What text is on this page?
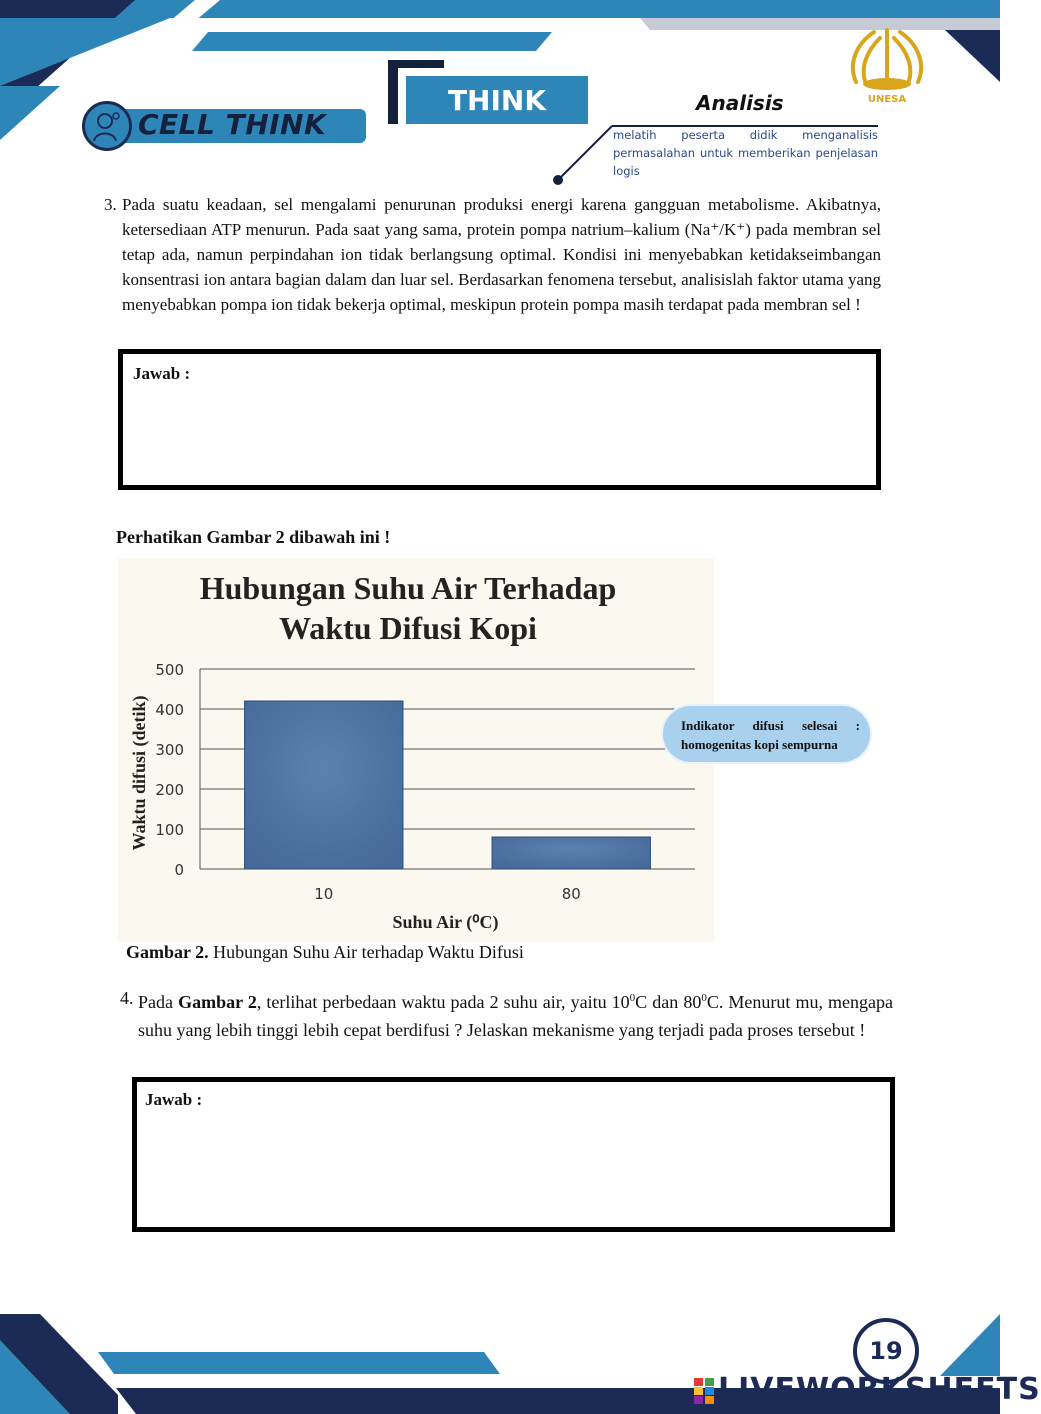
CELL THINK
THINK	Analisis
melatih peserta didik menganalisis permasalahan untuk memberikan penjelasan logis
UNESA
3. Pada suatu keadaan, sel mengalami penurunan produksi energi karena gangguan metabolisme. Akibatnya, ketersediaan ATP menurun. Pada saat yang sama, protein pompa natrium–kalium (Na⁺/K⁺) pada membran sel tetap ada, namun perpindahan ion tidak berlangsung optimal. Kondisi ini menyebabkan ketidakseimbangan konsentrasi ion antara bagian dalam dan luar sel. Berdasarkan fenomena tersebut, analisislah faktor utama yang menyebabkan pompa ion tidak bekerja optimal, meskipun protein pompa masih terdapat pada membran sel !
Jawab :
Perhatikan Gambar 2 dibawah ini !
Hubungan Suhu Air Terhadap
Waktu Difusi Kopi
0
100
200
300
400
500
10	80
Suhu Air (⁰C)
Waktu difusi (detik)	Indikator difusi selesai : homogenitas kopi sempurna
Gambar 2. Hubungan Suhu Air terhadap Waktu Difusi
4. Pada Gambar 2, terlihat perbedaan waktu pada 2 suhu air, yaitu $10^0C$ dan $80^0C$. Menurut mu, mengapa suhu yang lebih tinggi lebih cepat berdifusi ? Jelaskan mekanisme yang terjadi pada proses tersebut !
Jawab :
19
LIVEWORKSHEETS
